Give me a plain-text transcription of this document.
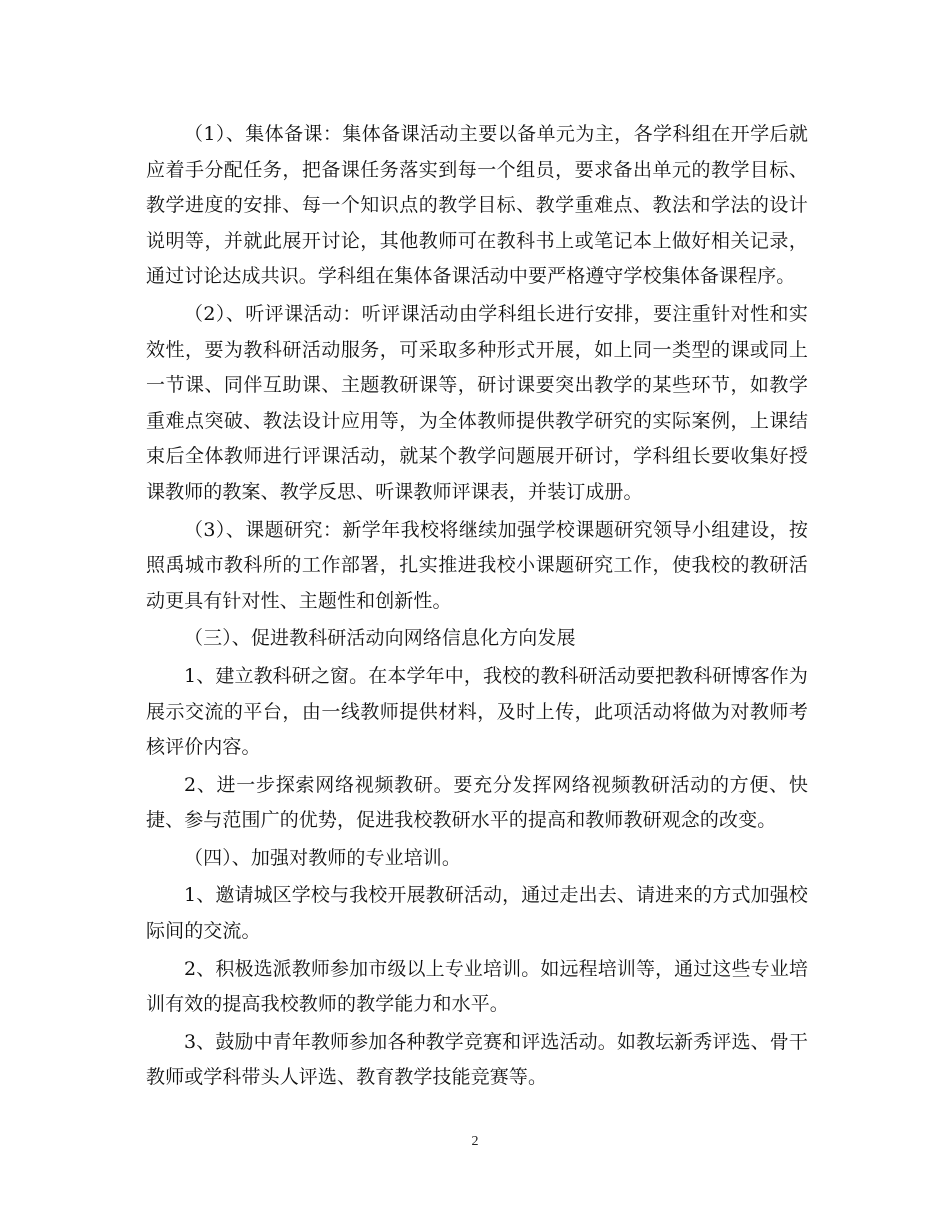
（1）、集体备课：集体备课活动主要以备单元为主，各学科组在开学后就应着手分配任务，把备课任务落实到每一个组员，要求备出单元的教学目标、教学进度的安排、每一个知识点的教学目标、教学重难点、教法和学法的设计说明等，并就此展开讨论，其他教师可在教科书上或笔记本上做好相关记录，通过讨论达成共识。学科组在集体备课活动中要严格遵守学校集体备课程序。

（2）、听评课活动：听评课活动由学科组长进行安排，要注重针对性和实效性，要为教科研活动服务，可采取多种形式开展，如上同一类型的课或同上一节课、同伴互助课、主题教研课等，研讨课要突出教学的某些环节，如教学重难点突破、教法设计应用等，为全体教师提供教学研究的实际案例，上课结束后全体教师进行评课活动，就某个教学问题展开研讨，学科组长要收集好授课教师的教案、教学反思、听课教师评课表，并装订成册。

（3）、课题研究：新学年我校将继续加强学校课题研究领导小组建设，按照禹城市教科所的工作部署，扎实推进我校小课题研究工作，使我校的教研活动更具有针对性、主题性和创新性。

（三）、促进教科研活动向网络信息化方向发展

1、建立教科研之窗。在本学年中，我校的教科研活动要把教科研博客作为展示交流的平台，由一线教师提供材料，及时上传，此项活动将做为对教师考核评价内容。

2、进一步探索网络视频教研。要充分发挥网络视频教研活动的方便、快捷、参与范围广的优势，促进我校教研水平的提高和教师教研观念的改变。

（四）、加强对教师的专业培训。

1、邀请城区学校与我校开展教研活动，通过走出去、请进来的方式加强校际间的交流。

2、积极选派教师参加市级以上专业培训。如远程培训等，通过这些专业培训有效的提高我校教师的教学能力和水平。

3、鼓励中青年教师参加各种教学竞赛和评选活动。如教坛新秀评选、骨干教师或学科带头人评选、教育教学技能竞赛等。

2
